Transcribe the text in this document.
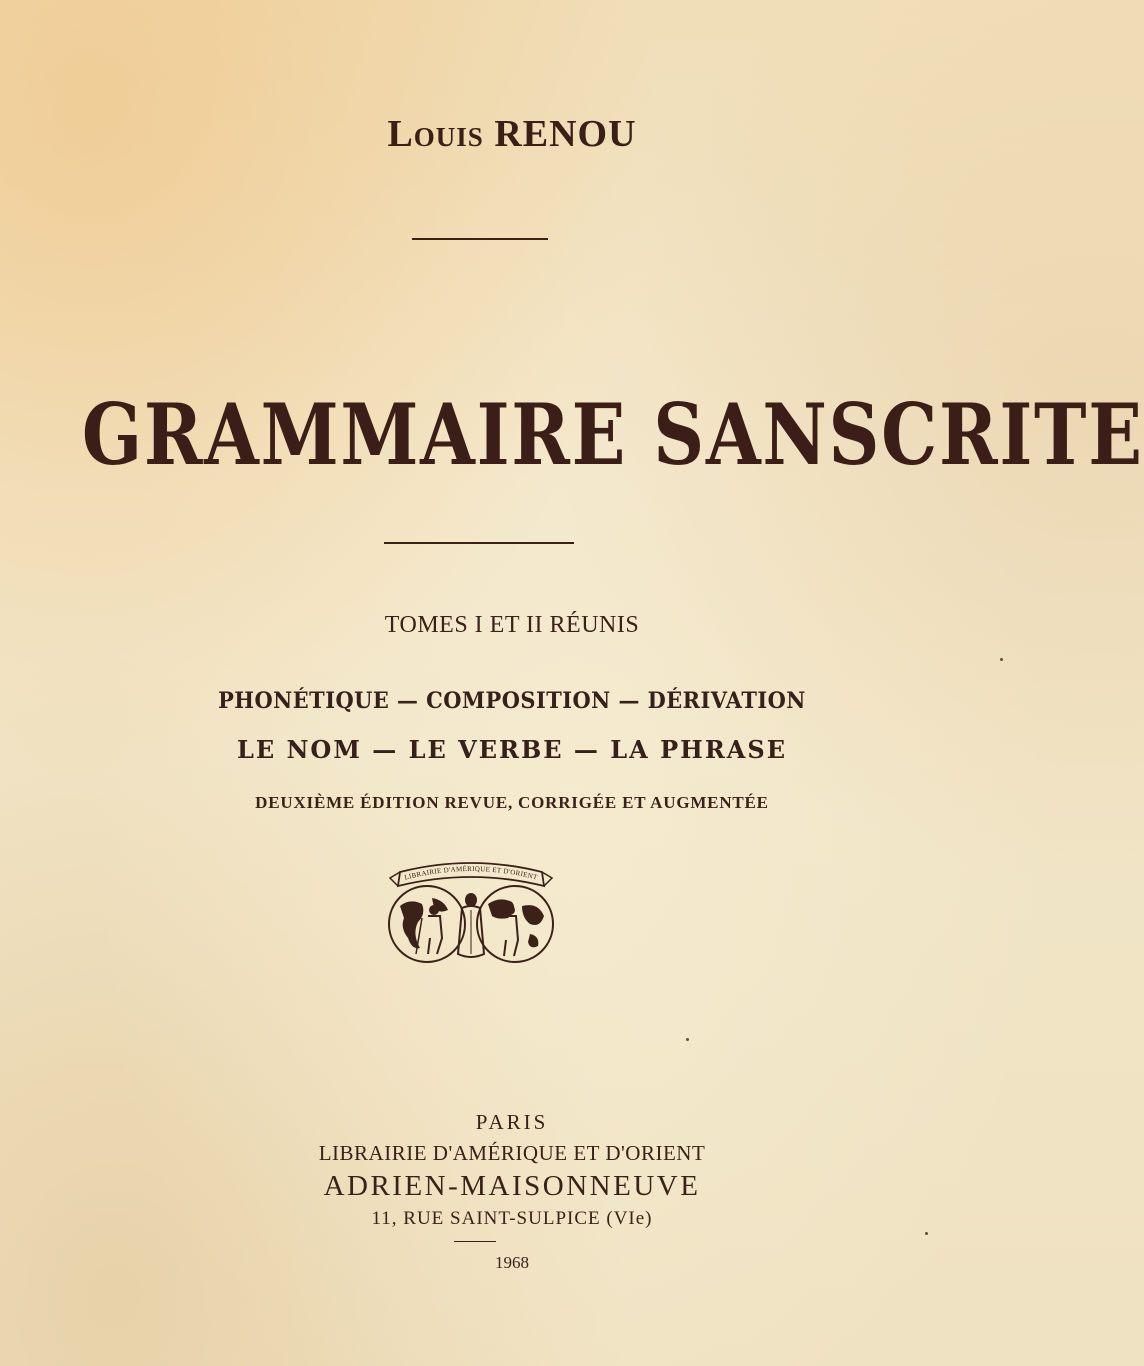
Louis RENOU
GRAMMAIRE SANSCRITE
TOMES I ET II RÉUNIS
PHONÉTIQUE — COMPOSITION — DÉRIVATION
LE NOM — LE VERBE — LA PHRASE
DEUXIÈME ÉDITION REVUE, CORRIGÉE ET AUGMENTÉE
LIBRAIRIE D'AMÉRIQUE ET D'ORIENT
PARIS
LIBRAIRIE D'AMÉRIQUE ET D'ORIENT
ADRIEN-MAISONNEUVE
11, RUE SAINT-SULPICE (VIe)
1968
